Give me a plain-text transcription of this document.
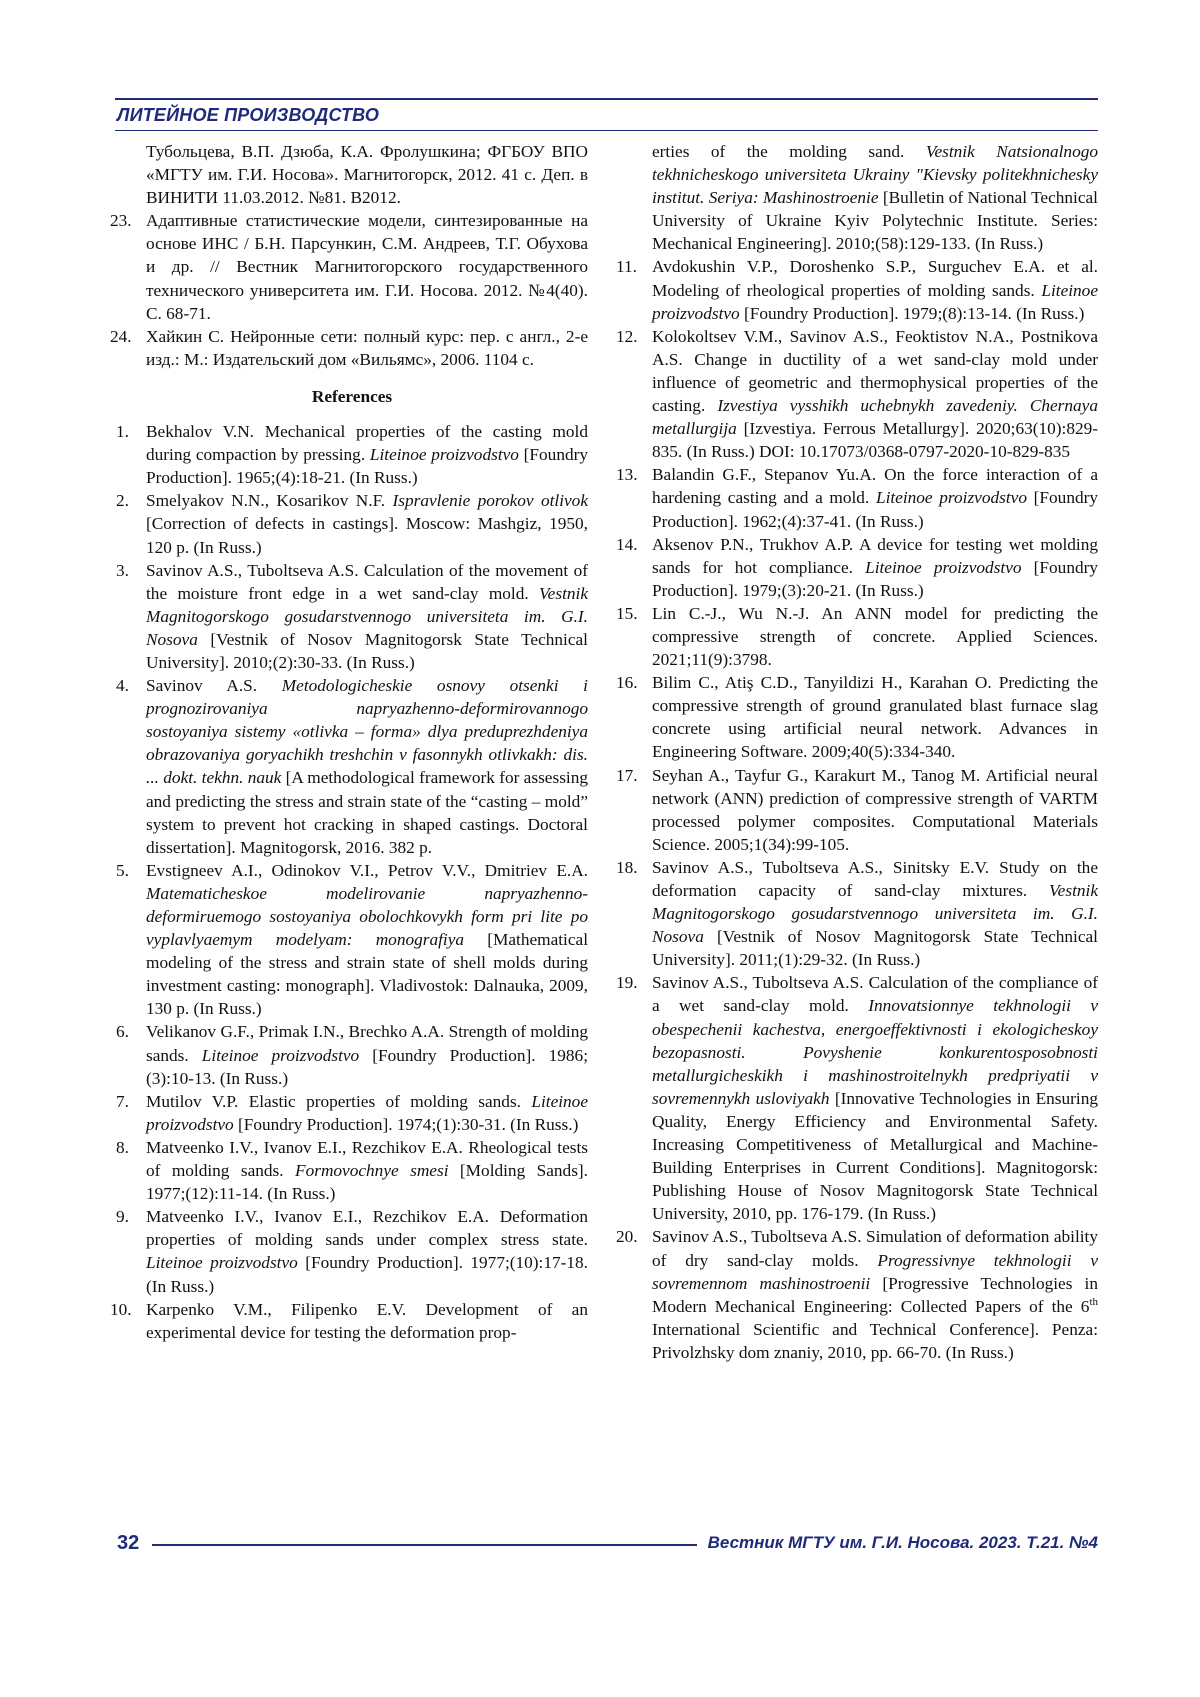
ЛИТЕЙНОЕ ПРОИЗВОДСТВО

Тубольцева, В.П. Дзюба, К.А. Фролушкина; ФГБОУ ВПО «МГТУ им. Г.И. Носова». Магнитогорск, 2012. 41 с. Деп. в ВИНИТИ 11.03.2012. №81. В2012.

23. Адаптивные статистические модели, синтезированные на основе ИНС / Б.Н. Парсункин, С.М. Андреев, Т.Г. Обухова и др. // Вестник Магнитогорского государственного технического университета им. Г.И. Носова. 2012. №4(40). С. 68-71.
24. Хайкин С. Нейронные сети: полный курс: пер. с англ., 2-е изд.: М.: Издательский дом «Вильямс», 2006. 1104 с.
References
1. Bekhalov V.N. Mechanical properties of the casting mold during compaction by pressing. Liteinoe proizvodstvo [Foundry Production]. 1965;(4):18-21. (In Russ.)
2. Smelyakov N.N., Kosarikov N.F. Ispravlenie porokov otlivok [Correction of defects in castings]. Moscow: Mashgiz, 1950, 120 p. (In Russ.)
3. Savinov A.S., Tuboltseva A.S. Calculation of the movement of the moisture front edge in a wet sand-clay mold. Vestnik Magnitogorskogo gosudarstvennogo universiteta im. G.I. Nosova [Vestnik of Nosov Magnitogorsk State Technical University]. 2010;(2):30-33. (In Russ.)
4. Savinov A.S. Metodologicheskie osnovy otsenki i prognozirovaniya napryazhenno-deformirovannogo sostoyaniya sistemy «otlivka – forma» dlya preduprezhdeniya obrazovaniya goryachikh treshchin v fasonnykh otlivkakh: dis. ... dokt. tekhn. nauk [A methodological framework for assessing and predicting the stress and strain state of the “casting – mold” system to prevent hot cracking in shaped castings. Doctoral dissertation]. Magnitogorsk, 2016. 382 p.
5. Evstigneev A.I., Odinokov V.I., Petrov V.V., Dmitriev E.A. Matematicheskoe modelirovanie napryazhenno-deformiruemogo sostoyaniya obolochkovykh form pri lite po vyplavlyaemym modelyam: monografiya [Mathematical modeling of the stress and strain state of shell molds during investment casting: monograph]. Vladivostok: Dalnauka, 2009, 130 p. (In Russ.)
6. Velikanov G.F., Primak I.N., Brechko A.A. Strength of molding sands. Liteinoe proizvodstvo [Foundry Production]. 1986;(3):10-13. (In Russ.)
7. Mutilov V.P. Elastic properties of molding sands. Liteinoe proizvodstvo [Foundry Production]. 1974;(1):30-31. (In Russ.)
8. Matveenko I.V., Ivanov E.I., Rezchikov E.A. Rheological tests of molding sands. Formovochnye smesi [Molding Sands]. 1977;(12):11-14. (In Russ.)
9. Matveenko I.V., Ivanov E.I., Rezchikov E.A. Deformation properties of molding sands under complex stress state. Liteinoe proizvodstvo [Foundry Production]. 1977;(10):17-18. (In Russ.)
10. Karpenko V.M., Filipenko E.V. Development of an experimental device for testing the deformation prop-

erties of the molding sand. Vestnik Natsionalnogo tekhnicheskogo universiteta Ukrainy "Kievsky politekhnichesky institut. Seriya: Mashinostroenie [Bulletin of National Technical University of Ukraine Kyiv Polytechnic Institute. Series: Mechanical Engineering]. 2010;(58):129-133. (In Russ.)

11. Avdokushin V.P., Doroshenko S.P., Surguchev E.A. et al. Modeling of rheological properties of molding sands. Liteinoe proizvodstvo [Foundry Production]. 1979;(8):13-14. (In Russ.)
12. Kolokoltsev V.M., Savinov A.S., Feoktistov N.A., Postnikova A.S. Change in ductility of a wet sand-clay mold under influence of geometric and thermophysical properties of the casting. Izvestiya vysshikh uchebnykh zavedeniy. Chernaya metallurgija [Izvestiya. Ferrous Metallurgy]. 2020;63(10):829-835. (In Russ.) DOI: 10.17073/0368-0797-2020-10-829-835
13. Balandin G.F., Stepanov Yu.A. On the force interaction of a hardening casting and a mold. Liteinoe proizvodstvo [Foundry Production]. 1962;(4):37-41. (In Russ.)
14. Aksenov P.N., Trukhov A.P. A device for testing wet molding sands for hot compliance. Liteinoe proizvodstvo [Foundry Production]. 1979;(3):20-21. (In Russ.)
15. Lin C.-J., Wu N.-J. An ANN model for predicting the compressive strength of concrete. Applied Sciences. 2021;11(9):3798.
16. Bilim C., Atiş C.D., Tanyildizi H., Karahan O. Predicting the compressive strength of ground granulated blast furnace slag concrete using artificial neural network. Advances in Engineering Software. 2009;40(5):334-340.
17. Seyhan A., Tayfur G., Karakurt M., Tanog M. Artificial neural network (ANN) prediction of compressive strength of VARTM processed polymer composites. Computational Materials Science. 2005;1(34):99-105.
18. Savinov A.S., Tuboltseva A.S., Sinitsky E.V. Study on the deformation capacity of sand-clay mixtures. Vestnik Magnitogorskogo gosudarstvennogo universiteta im. G.I. Nosova [Vestnik of Nosov Magnitogorsk State Technical University]. 2011;(1):29-32. (In Russ.)
19. Savinov A.S., Tuboltseva A.S. Calculation of the compliance of a wet sand-clay mold. Innovatsionnye tekhnologii v obespechenii kachestva, energoeffektivnosti i ekologicheskoy bezopasnosti. Povyshenie konkurentosposobnosti metallurgicheskikh i mashinostroitelnykh predpriyatii v sovremennykh usloviyakh [Innovative Technologies in Ensuring Quality, Energy Efficiency and Environmental Safety. Increasing Competitiveness of Metallurgical and Machine-Building Enterprises in Current Conditions]. Magnitogorsk: Publishing House of Nosov Magnitogorsk State Technical University, 2010, pp. 176-179. (In Russ.)
20. Savinov A.S., Tuboltseva A.S. Simulation of deformation ability of dry sand-clay molds. Progressivnye tekhnologii v sovremennom mashinostroenii [Progressive Technologies in Modern Mechanical Engineering: Collected Papers of the 6th International Scientific and Technical Conference]. Penza: Privolzhsky dom znaniy, 2010, pp. 66-70. (In Russ.)
32	Вестник МГТУ им. Г.И. Носова. 2023. Т.21. №4
